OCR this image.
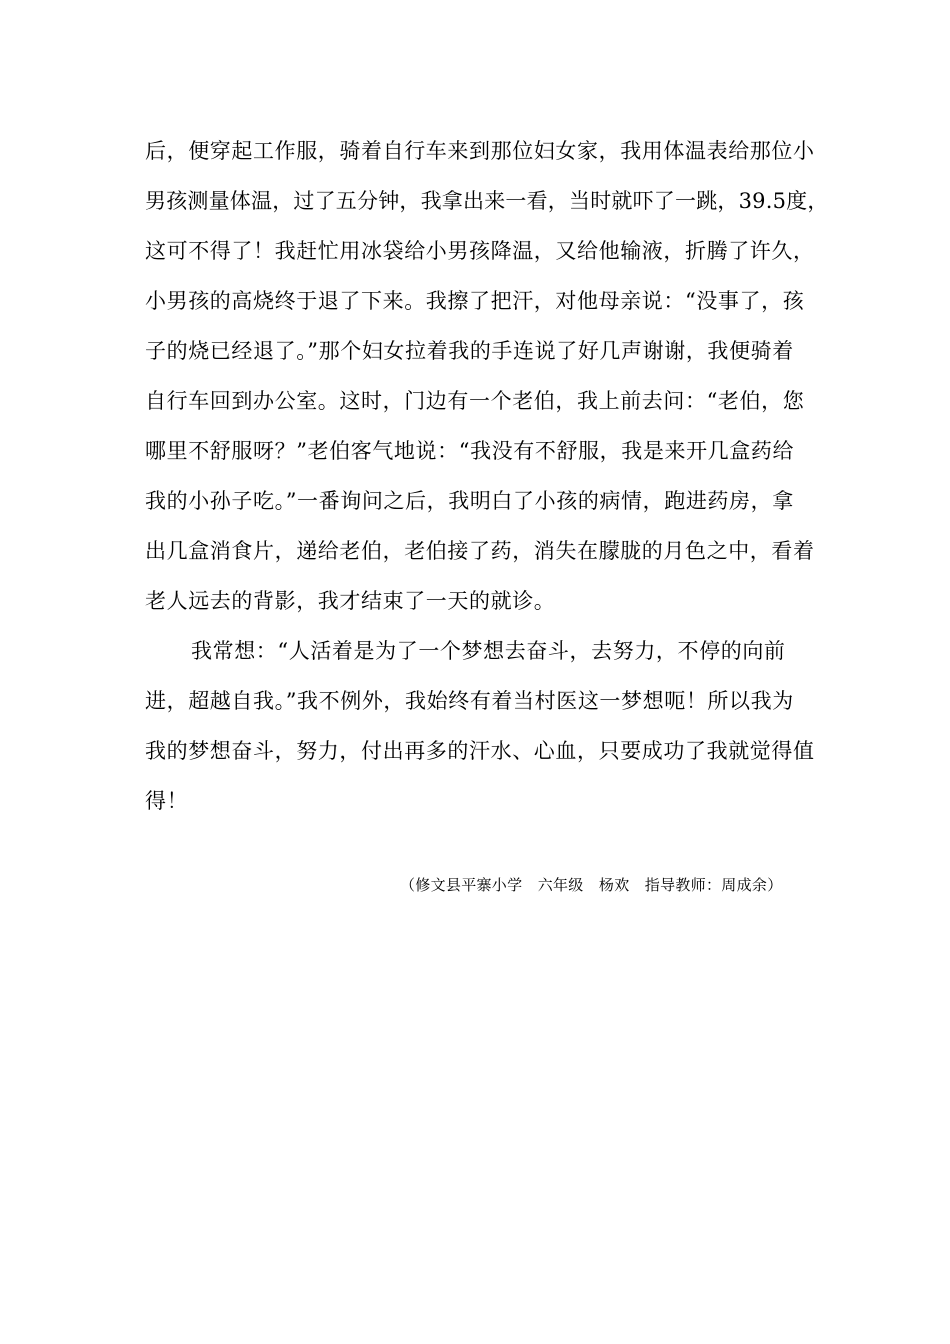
后，便穿起工作服，骑着自行车来到那位妇女家，我用体温表给那位小
男孩测量体温，过了五分钟，我拿出来一看，当时就吓了一跳，39.5度，
这可不得了！我赶忙用冰袋给小男孩降温，又给他输液，折腾了许久，
小男孩的高烧终于退了下来。我擦了把汗，对他母亲说：“没事了，孩
子的烧已经退了。”那个妇女拉着我的手连说了好几声谢谢，我便骑着
自行车回到办公室。这时，门边有一个老伯，我上前去问：“老伯，您
哪里不舒服呀？”老伯客气地说：“我没有不舒服，我是来开几盒药给
我的小孙子吃。”一番询问之后，我明白了小孩的病情，跑进药房，拿
出几盒消食片，递给老伯，老伯接了药，消失在朦胧的月色之中，看着
老人远去的背影，我才结束了一天的就诊。
我常想：“人活着是为了一个梦想去奋斗，去努力，不停的向前
进，超越自我。”我不例外，我始终有着当村医这一梦想呃！所以我为
我的梦想奋斗，努力，付出再多的汗水、心血，只要成功了我就觉得值
得！
（修文县平寨小学　六年级　杨欢　指导教师：周成余）
